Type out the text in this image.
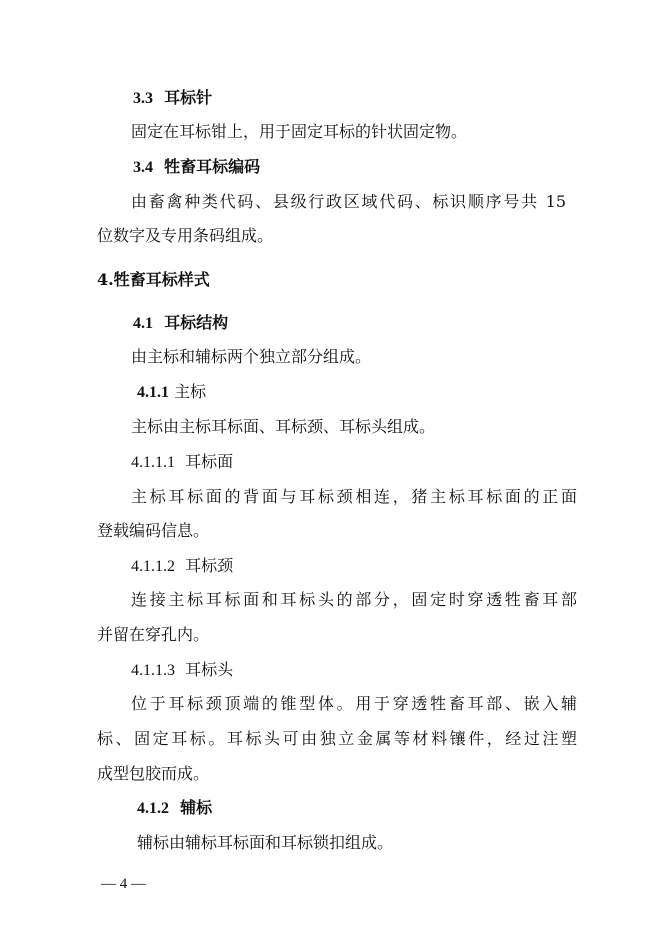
3.3 耳标针
固定在耳标钳上，用于固定耳标的针状固定物。
3.4 牲畜耳标编码
由畜禽种类代码、县级行政区域代码、标识顺序号共 15
位数字及专用条码组成。
4.牲畜耳标样式
4.1 耳标结构
由主标和辅标两个独立部分组成。
4.1.1 主标
主标由主标耳标面、耳标颈、耳标头组成。
4.1.1.1 耳标面
主标耳标面的背面与耳标颈相连，猪主标耳标面的正面
登载编码信息。
4.1.1.2 耳标颈
连接主标耳标面和耳标头的部分，固定时穿透牲畜耳部
并留在穿孔内。
4.1.1.3 耳标头
位于耳标颈顶端的锥型体。用于穿透牲畜耳部、嵌入辅
标、固定耳标。耳标头可由独立金属等材料镶件，经过注塑
成型包胶而成。
4.1.2 辅标
辅标由辅标耳标面和耳标锁扣组成。
— 4 —
